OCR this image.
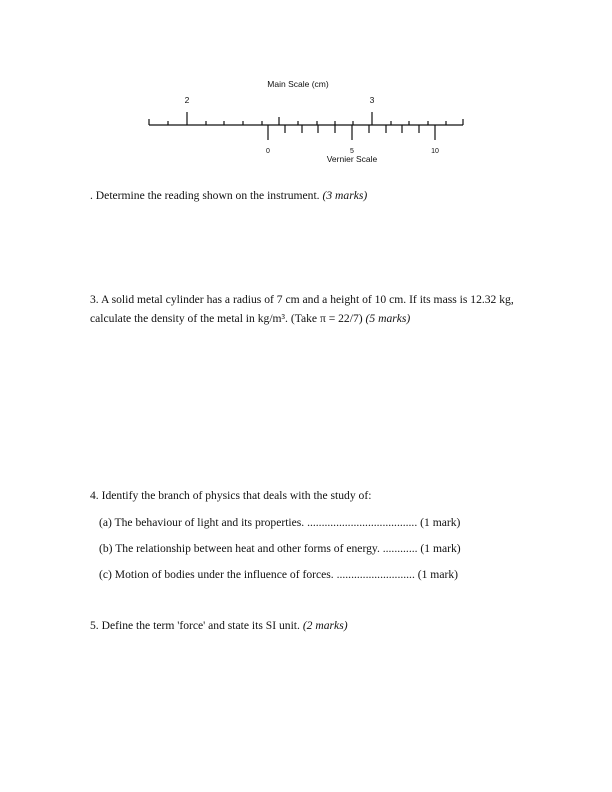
Main Scale (cm)
2	3
0	5	10
Vernier Scale

. Determine the reading shown on the instrument. (3 marks)

3. A solid metal cylinder has a radius of 7 cm and a height of 10 cm. If its mass is 12.32 kg, calculate the density of the metal in kg/m³. (Take π = 22/7) (5 marks)

4. Identify the branch of physics that deals with the study of:

(a) The behaviour of light and its properties. ...................................... (1 mark)
(b) The relationship between heat and other forms of energy. ............ (1 mark)
(c) Motion of bodies under the influence of forces. ........................... (1 mark)

5. Define the term 'force' and state its SI unit. (2 marks)
